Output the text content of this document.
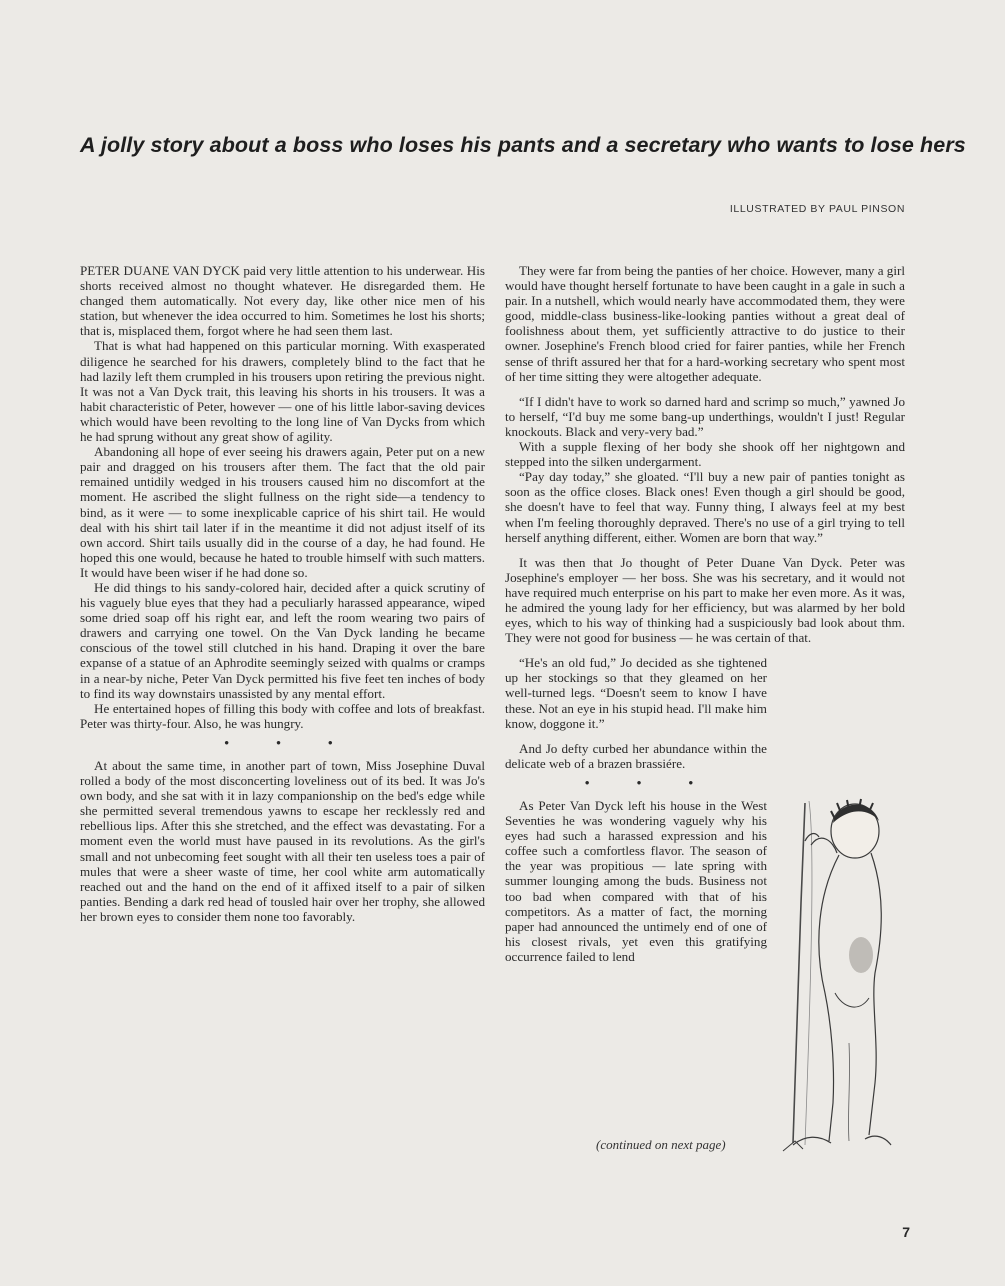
A jolly story about a boss who loses his pants and a secretary who wants to lose hers
ILLUSTRATED BY PAUL PINSON

PETER DUANE VAN DYCK paid very little attention to his underwear. His shorts received almost no thought whatever. He disregarded them. He changed them automatically. Not every day, like other nice men of his station, but whenever the idea occurred to him. Sometimes he lost his shorts; that is, misplaced them, forgot where he had seen them last.

That is what had happened on this particular morning. With exasperated diligence he searched for his drawers, completely blind to the fact that he had lazily left them crumpled in his trousers upon retiring the previous night. It was not a Van Dyck trait, this leaving his shorts in his trousers. It was a habit characteristic of Peter, however — one of his little labor-saving devices which would have been revolting to the long line of Van Dycks from which he had sprung without any great show of agility.

Abandoning all hope of ever seeing his drawers again, Peter put on a new pair and dragged on his trousers after them. The fact that the old pair remained untidily wedged in his trousers caused him no discomfort at the moment. He ascribed the slight fullness on the right side—a tendency to bind, as it were — to some inexplicable caprice of his shirt tail. He would deal with his shirt tail later if in the meantime it did not adjust itself of its own accord. Shirt tails usually did in the course of a day, he had found. He hoped this one would, because he hated to trouble himself with such matters. It would have been wiser if he had done so.

He did things to his sandy-colored hair, decided after a quick scrutiny of his vaguely blue eyes that they had a peculiarly harassed appearance, wiped some dried soap off his right ear, and left the room wearing two pairs of drawers and carrying one towel. On the Van Dyck landing he became conscious of the towel still clutched in his hand. Draping it over the bare expanse of a statue of an Aphrodite seemingly seized with qualms or cramps in a near-by niche, Peter Van Dyck permitted his five feet ten inches of body to find its way downstairs unassisted by any mental effort.

He entertained hopes of filling this body with coffee and lots of breakfast. Peter was thirty-four. Also, he was hungry.

• • •

At about the same time, in another part of town, Miss Josephine Duval rolled a body of the most disconcerting loveliness out of its bed. It was Jo's own body, and she sat with it in lazy companionship on the bed's edge while she permitted several tremendous yawns to escape her recklessly red and rebellious lips. After this she stretched, and the effect was devastating. For a moment even the world must have paused in its revolutions. As the girl's small and not unbecoming feet sought with all their ten useless toes a pair of mules that were a sheer waste of time, her cool white arm automatically reached out and the hand on the end of it affixed itself to a pair of silken panties. Bending a dark red head of tousled hair over her trophy, she allowed her brown eyes to consider them none too favorably.

They were far from being the panties of her choice. However, many a girl would have thought herself fortunate to have been caught in a gale in such a pair. In a nutshell, which would nearly have accommodated them, they were good, middle-class business-like-looking panties without a great deal of foolishness about them, yet sufficiently attractive to do justice to their owner. Josephine's French blood cried for fairer panties, while her French sense of thrift assured her that for a hard-working secretary who spent most of her time sitting they were altogether adequate.

“If I didn't have to work so darned hard and scrimp so much,” yawned Jo to herself, “I'd buy me some bang-up underthings, wouldn't I just! Regular knockouts. Black and very-very bad.”

With a supple flexing of her body she shook off her nightgown and stepped into the silken undergarment.

“Pay day today,” she gloated. “I'll buy a new pair of panties tonight as soon as the office closes. Black ones! Even though a girl should be good, she doesn't have to feel that way. Funny thing, I always feel at my best when I'm feeling thoroughly depraved. There's no use of a girl trying to tell herself anything different, either. Women are born that way.”

It was then that Jo thought of Peter Duane Van Dyck. Peter was Josephine's employer — her boss. She was his secretary, and it would not have required much enterprise on his part to make her even more. As it was, he admired the young lady for her efficiency, but was alarmed by her bold eyes, which to his way of thinking had a suspiciously bad look about thm. They were not good for business — he was certain of that.

“He's an old fud,” Jo decided as she tightened up her stockings so that they gleamed on her well-turned legs. “Doesn't seem to know I have these. Not an eye in his stupid head. I'll make him know, doggone it.”

And Jo defty curbed her abundance within the delicate web of a brazen brassiére.

• • •

As Peter Van Dyck left his house in the West Seventies he was wondering vaguely why his eyes had such a harassed expression and his coffee such a comfortless flavor. The season of the year was propitious — late spring with summer lounging among the buds. Business not too bad when compared with that of his competitors. As a matter of fact, the morning paper had announced the untimely end of one of his closest rivals, yet even this gratifying occurrence failed to lend

(continued on next page)
7
